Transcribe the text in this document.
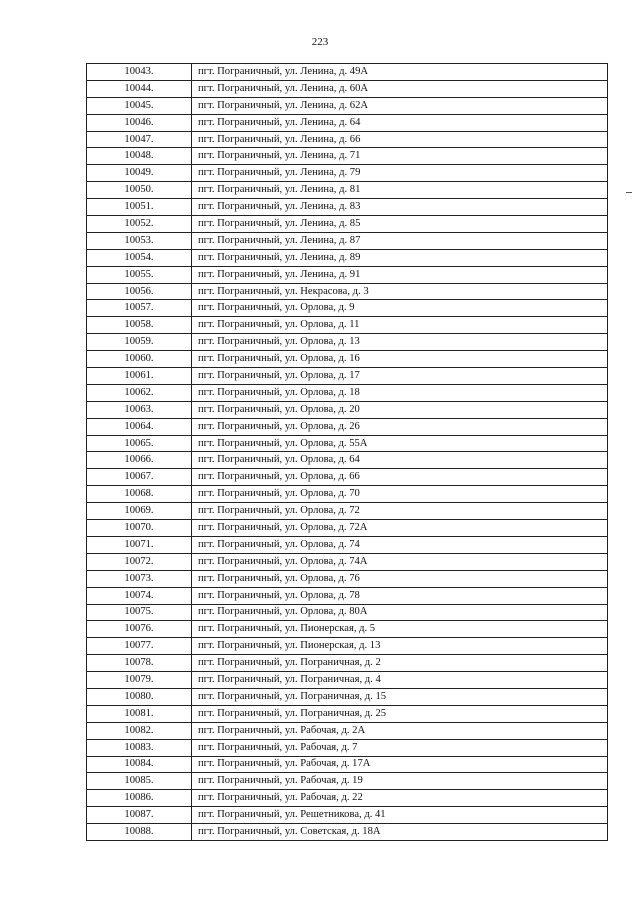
223
10043.	пгт. Пограничный, ул. Ленина, д. 49А
10044.	пгт. Пограничный, ул. Ленина, д. 60А
10045.	пгт. Пограничный, ул. Ленина, д. 62А
10046.	пгт. Пограничный, ул. Ленина, д. 64
10047.	пгт. Пограничный, ул. Ленина, д. 66
10048.	пгт. Пограничный, ул. Ленина, д. 71
10049.	пгт. Пограничный, ул. Ленина, д. 79
10050.	пгт. Пограничный, ул. Ленина, д. 81
10051.	пгт. Пограничный, ул. Ленина, д. 83
10052.	пгт. Пограничный, ул. Ленина, д. 85
10053.	пгт. Пограничный, ул. Ленина, д. 87
10054.	пгт. Пограничный, ул. Ленина, д. 89
10055.	пгт. Пограничный, ул. Ленина, д. 91
10056.	пгт. Пограничный, ул. Некрасова, д. 3
10057.	пгт. Пограничный, ул. Орлова, д. 9
10058.	пгт. Пограничный, ул. Орлова, д. 11
10059.	пгт. Пограничный, ул. Орлова, д. 13
10060.	пгт. Пограничный, ул. Орлова, д. 16
10061.	пгт. Пограничный, ул. Орлова, д. 17
10062.	пгт. Пограничный, ул. Орлова, д. 18
10063.	пгт. Пограничный, ул. Орлова, д. 20
10064.	пгт. Пограничный, ул. Орлова, д. 26
10065.	пгт. Пограничный, ул. Орлова, д. 55А
10066.	пгт. Пограничный, ул. Орлова, д. 64
10067.	пгт. Пограничный, ул. Орлова, д. 66
10068.	пгт. Пограничный, ул. Орлова, д. 70
10069.	пгт. Пограничный, ул. Орлова, д. 72
10070.	пгт. Пограничный, ул. Орлова, д. 72А
10071.	пгт. Пограничный, ул. Орлова, д. 74
10072.	пгт. Пограничный, ул. Орлова, д. 74А
10073.	пгт. Пограничный, ул. Орлова, д. 76
10074.	пгт. Пограничный, ул. Орлова, д. 78
10075.	пгт. Пограничный, ул. Орлова, д. 80А
10076.	пгт. Пограничный, ул. Пионерская, д. 5
10077.	пгт. Пограничный, ул. Пионерская, д. 13
10078.	пгт. Пограничный, ул. Пограничная, д. 2
10079.	пгт. Пограничный, ул. Пограничная, д. 4
10080.	пгт. Пограничный, ул. Пограничная, д. 15
10081.	пгт. Пограничный, ул. Пограничная, д. 25
10082.	пгт. Пограничный, ул. Рабочая, д. 2А
10083.	пгт. Пограничный, ул. Рабочая, д. 7
10084.	пгт. Пограничный, ул. Рабочая, д. 17А
10085.	пгт. Пограничный, ул. Рабочая, д. 19
10086.	пгт. Пограничный, ул. Рабочая, д. 22
10087.	пгт. Пограничный, ул. Решетникова, д. 41
10088.	пгт. Пограничный, ул. Советская, д. 18А
